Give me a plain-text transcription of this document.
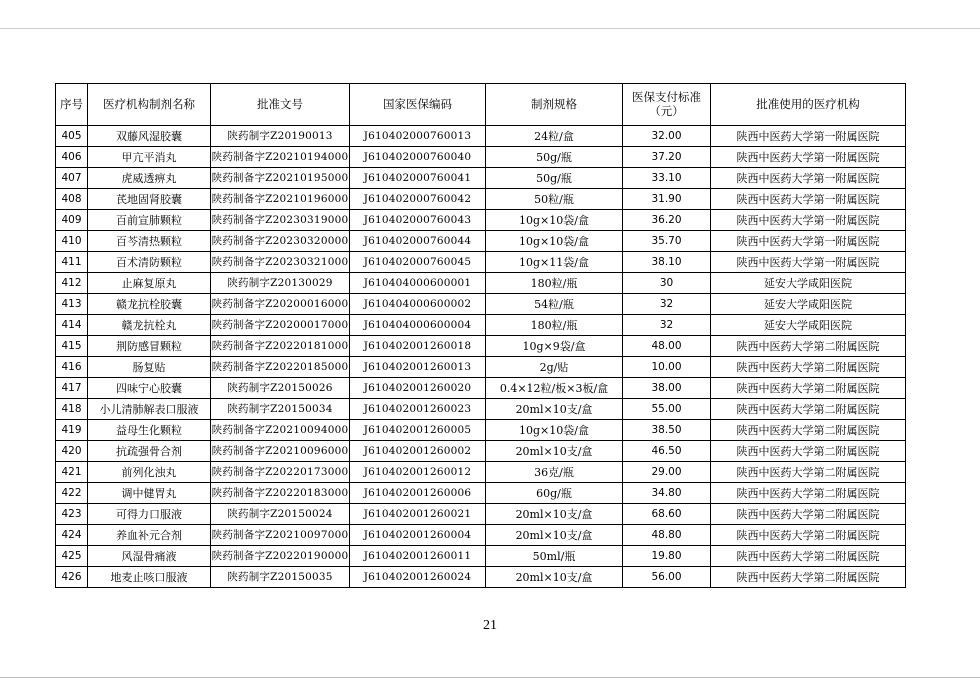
序号	医疗机构制剂名称	批准文号	国家医保编码	制剂规格	医保支付标准（元）	批准使用的医疗机构
405	双藤风湿胶囊	陕药制字Z20190013	J610402000760013	24粒/盒	32.00	陕西中医药大学第一附属医院
406	甲亢平消丸	陕药制备字Z20210194000	J610402000760040	50g/瓶	37.20	陕西中医药大学第一附属医院
407	虎威透痹丸	陕药制备字Z20210195000	J610402000760041	50g/瓶	33.10	陕西中医药大学第一附属医院
408	芪地固肾胶囊	陕药制备字Z20210196000	J610402000760042	50粒/瓶	31.90	陕西中医药大学第一附属医院
409	百前宣肺颗粒	陕药制备字Z20230319000	J610402000760043	10g×10袋/盒	36.20	陕西中医药大学第一附属医院
410	百芩清热颗粒	陕药制备字Z20230320000	J610402000760044	10g×10袋/盒	35.70	陕西中医药大学第一附属医院
411	百术清防颗粒	陕药制备字Z20230321000	J610402000760045	10g×11袋/盒	38.10	陕西中医药大学第一附属医院
412	止麻复原丸	陕药制字Z20130029	J610404000600001	180粒/瓶	30	延安大学咸阳医院
413	赣龙抗栓胶囊	陕药制备字Z20200016000	J610404000600002	54粒/瓶	32	延安大学咸阳医院
414	赣龙抗栓丸	陕药制备字Z20200017000	J610404000600004	180粒/瓶	32	延安大学咸阳医院
415	荆防感冒颗粒	陕药制备字Z20220181000	J610402001260018	10g×9袋/盒	48.00	陕西中医药大学第二附属医院
416	肠复贴	陕药制备字Z20220185000	J610402001260013	2g/贴	10.00	陕西中医药大学第二附属医院
417	四味宁心胶囊	陕药制字Z20150026	J610402001260020	0.4×12粒/板×3板/盒	38.00	陕西中医药大学第二附属医院
418	小儿清肺解表口服液	陕药制字Z20150034	J610402001260023	20ml×10支/盒	55.00	陕西中医药大学第二附属医院
419	益母生化颗粒	陕药制备字Z20210094000	J610402001260005	10g×10袋/盒	38.50	陕西中医药大学第二附属医院
420	抗疏强骨合剂	陕药制备字Z20210096000	J610402001260002	20ml×10支/盒	46.50	陕西中医药大学第二附属医院
421	前列化浊丸	陕药制备字Z20220173000	J610402001260012	36克/瓶	29.00	陕西中医药大学第二附属医院
422	调中健胃丸	陕药制备字Z20220183000	J610402001260006	60g/瓶	34.80	陕西中医药大学第二附属医院
423	可得力口服液	陕药制字Z20150024	J610402001260021	20ml×10支/盒	68.60	陕西中医药大学第二附属医院
424	养血补元合剂	陕药制备字Z20210097000	J610402001260004	20ml×10支/盒	48.80	陕西中医药大学第二附属医院
425	风湿骨痛液	陕药制备字Z20220190000	J610402001260011	50ml/瓶	19.80	陕西中医药大学第二附属医院
426	地麦止咳口服液	陕药制字Z20150035	J610402001260024	20ml×10支/盒	56.00	陕西中医药大学第二附属医院
21
